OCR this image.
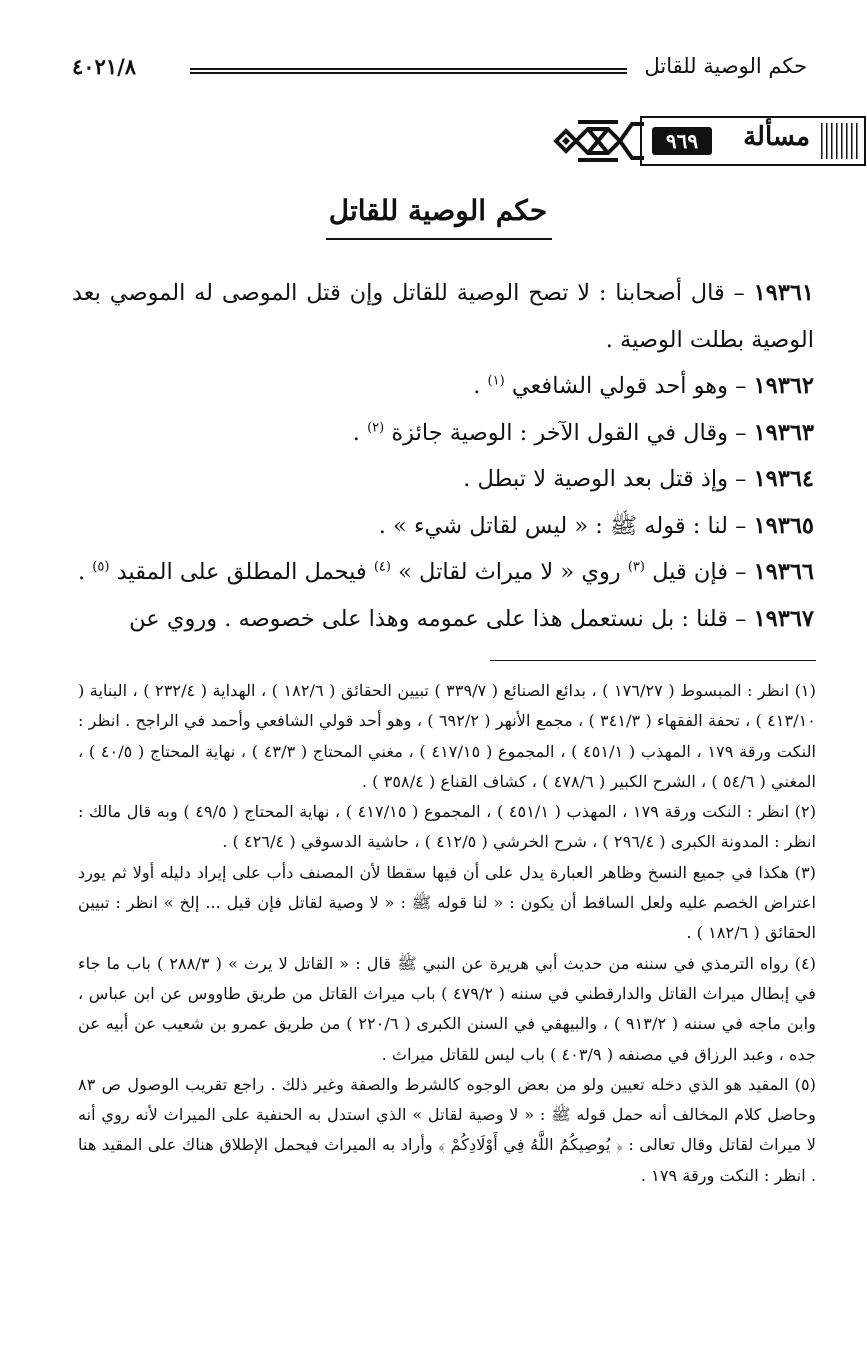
حكم الوصية للقاتل
٤٠٢١/٨
مسألة
٩٦٩
حكم الوصية للقاتل

١٩٣٦١ – قال أصحابنا : لا تصح الوصية للقاتل وإن قتل الموصى له الموصي بعد الوصية بطلت الوصية .

١٩٣٦٢ – وهو أحد قولي الشافعي $^{(١)}$ .

١٩٣٦٣ – وقال في القول الآخر : الوصية جائزة $^{(٢)}$ .

١٩٣٦٤ – وإذ قتل بعد الوصية لا تبطل .

١٩٣٦٥ – لنا : قوله ﷺ : « ليس لقاتل شيء » .

١٩٣٦٦ – فإن قيل $^{(٣)}$ روي « لا ميراث لقاتل » $^{(٤)}$ فيحمل المطلق على المقيد $^{(٥)}$ .

١٩٣٦٧ – قلنا : بل نستعمل هذا على عمومه وهذا على خصوصه . وروي عن

(١) انظر : المبسوط ( ١٧٦/٢٧ ) ، بدائع الصنائع ( ٣٣٩/٧ ) تبيين الحقائق ( ١٨٢/٦ ) ، الهداية ( ٢٣٢/٤ ) ، البناية ( ٤١٣/١٠ ) ، تحفة الفقهاء ( ٣٤١/٣ ) ، مجمع الأنهر ( ٦٩٢/٢ ) ، وهو أحد قولي الشافعي وأحمد في الراجح . انظر : النكت ورقة ١٧٩ ، المهذب ( ٤٥١/١ ) ، المجموع ( ٤١٧/١٥ ) ، مغني المحتاج ( ٤٣/٣ ) ، نهاية المحتاج ( ٤٠/٥ ) ، المغني ( ٥٤/٦ ) ، الشرح الكبير ( ٤٧٨/٦ ) ، كشاف القناع ( ٣٥٨/٤ ) .

(٢) انظر : النكت ورقة ١٧٩ ، المهذب ( ٤٥١/١ ) ، المجموع ( ٤١٧/١٥ ) ، نهاية المحتاج ( ٤٩/٥ ) وبه قال مالك : انظر : المدونة الكبرى ( ٢٩٦/٤ ) ، شرح الخرشي ( ٤١٢/٥ ) ، حاشية الدسوقي ( ٤٢٦/٤ ) .

(٣) هكذا في جميع النسخ وظاهر العبارة يدل على أن فيها سقطا لأن المصنف دأب على إيراد دليله أولا ثم يورد اعتراض الخصم عليه ولعل الساقط أن يكون : « لنا قوله ﷺ : « لا وصية لقاتل فإن قيل ... إلخ » انظر : تبيين الحقائق ( ١٨٢/٦ ) .

(٤) رواه الترمذي في سننه من حديث أبي هريرة عن النبي ﷺ قال : « القاتل لا يرث » ( ٢٨٨/٣ ) باب ما جاء في إبطال ميراث القاتل والدارقطني في سننه ( ٤٧٩/٢ ) باب ميراث القاتل من طريق طاووس عن ابن عباس ، وابن ماجه في سننه ( ٩١٣/٢ ) ، والبيهقي في السنن الكبرى ( ٢٢٠/٦ ) من طريق عمرو بن شعيب عن أبيه عن جده ، وعبد الرزاق في مصنفه ( ٤٠٣/٩ ) باب ليس للقاتل ميراث .

(٥) المقيد هو الذي دخله تعيين ولو من بعض الوجوه كالشرط والصفة وغير ذلك . راجع تقريب الوصول ص ٨٣ وحاصل كلام المخالف أنه حمل قوله ﷺ : « لا وصية لقاتل » الذي استدل به الحنفية على الميراث لأنه روي أنه لا ميراث لقاتل وقال تعالى : ﴿ يُوصِيكُمُ اللَّهُ فِي أَوْلَادِكُمْ ﴾ وأراد به الميراث فيحمل الإطلاق هناك على المقيد هنا . انظر : النكت ورقة ١٧٩ .
